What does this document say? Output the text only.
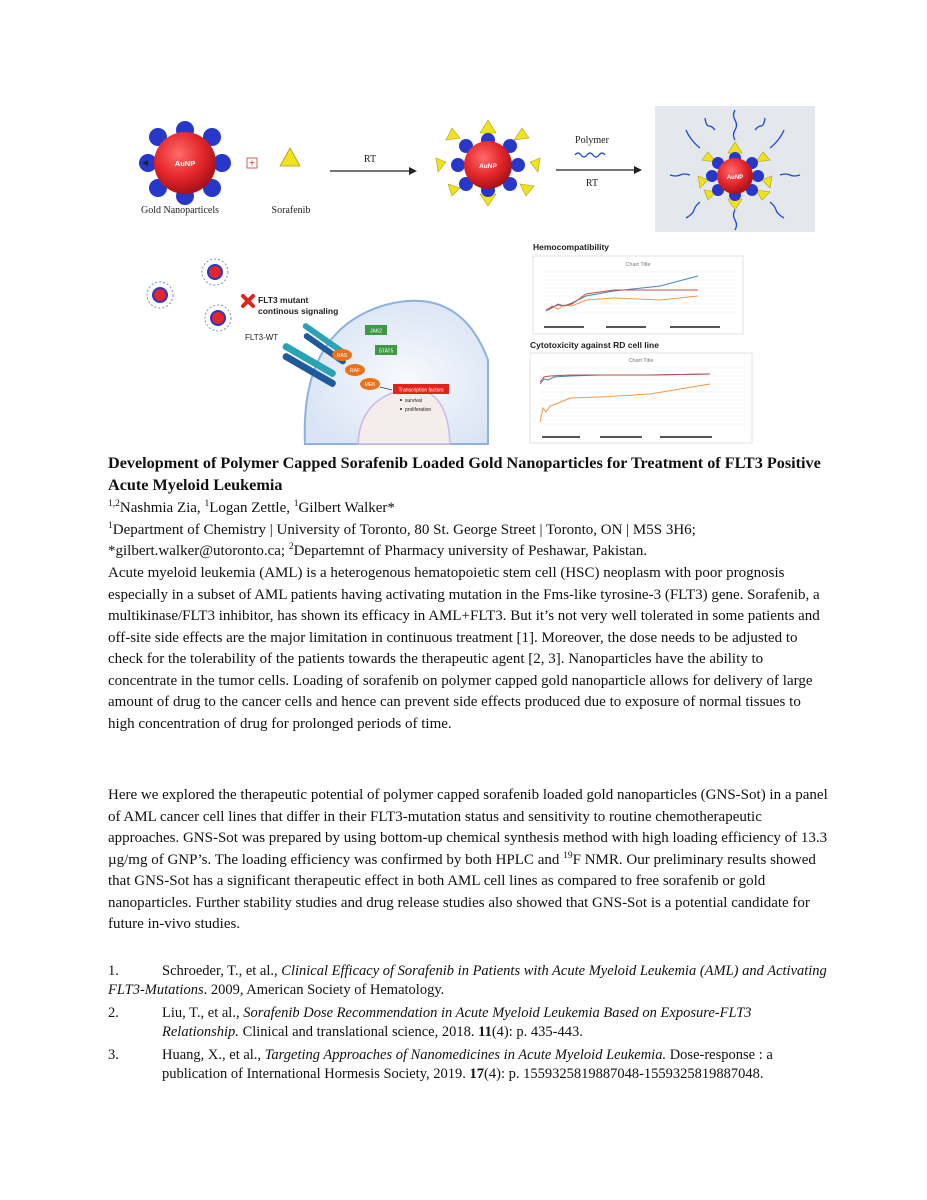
AuNP
Gold Nanoparticels
+
Sorafenib
RT
AuNP
Polymer
RT	AuNP
FLT3 mutant
continous signaling
FLT3-WT
JAK2
STAT5
RAS
RAF
MEK
Transcription factors
survival
proliferation
Hemocompatibility
Chart Title
Cytotoxicity against RD cell line
Chart Title
Development of Polymer Capped Sorafenib Loaded Gold Nanoparticles for Treatment of FLT3 Positive Acute Myeloid Leukemia
$^{1,2}$Nashmia Zia, $^1$Logan Zettle, $^1$Gilbert Walker*
$^1$Department of Chemistry | University of Toronto, 80 St. George Street | Toronto, ON | M5S 3H6;
*gilbert.walker@utoronto.ca; $^2$Departemnt of Pharmacy university of Peshawar, Pakistan.

Acute myeloid leukemia (AML) is a heterogenous hematopoietic stem cell (HSC) neoplasm with poor prognosis especially in a subset of AML patients having activating mutation in the Fms-like tyrosine-3 (FLT3) gene. Sorafenib, a multikinase/FLT3 inhibitor, has shown its efficacy in AML+FLT3. But it’s not very well tolerated in some patients and off-site side effects are the major limitation in continuous treatment [1]. Moreover, the dose needs to be adjusted to check for the tolerability of the patients towards the therapeutic agent [2, 3]. Nanoparticles have the ability to concentrate in the tumor cells. Loading of sorafenib on polymer capped gold nanoparticle allows for delivery of large amount of drug to the cancer cells and hence can prevent side effects produced due to exposure of normal tissues to high concentration of drug for prolonged periods of time.

Here we explored the therapeutic potential of polymer capped sorafenib loaded gold nanoparticles (GNS-Sot) in a panel of AML cancer cell lines that differ in their FLT3-mutation status and sensitivity to routine chemotherapeutic approaches. GNS-Sot was prepared by using bottom-up chemical synthesis method with high loading efficiency of 13.3 µg/mg of GNP’s. The loading efficiency was confirmed by both HPLC and $^{19}$F NMR. Our preliminary results showed that GNS-Sot has a significant therapeutic effect in both AML cell lines as compared to free sorafenib or gold nanoparticles. Further stability studies and drug release studies also showed that GNS-Sot is a potential candidate for future in-vivo studies.

1.	Schroeder, T., et al., Clinical Efficacy of Sorafenib in Patients with Acute Myeloid Leukemia (AML) and Activating FLT3-Mutations. 2009, American Society of Hematology.
2.	Liu, T., et al., Sorafenib Dose Recommendation in Acute Myeloid Leukemia Based on Exposure-FLT3 Relationship. Clinical and translational science, 2018. 11(4): p. 435-443.
3.	Huang, X., et al., Targeting Approaches of Nanomedicines in Acute Myeloid Leukemia. Dose-response : a publication of International Hormesis Society, 2019. 17(4): p. 1559325819887048-1559325819887048.
